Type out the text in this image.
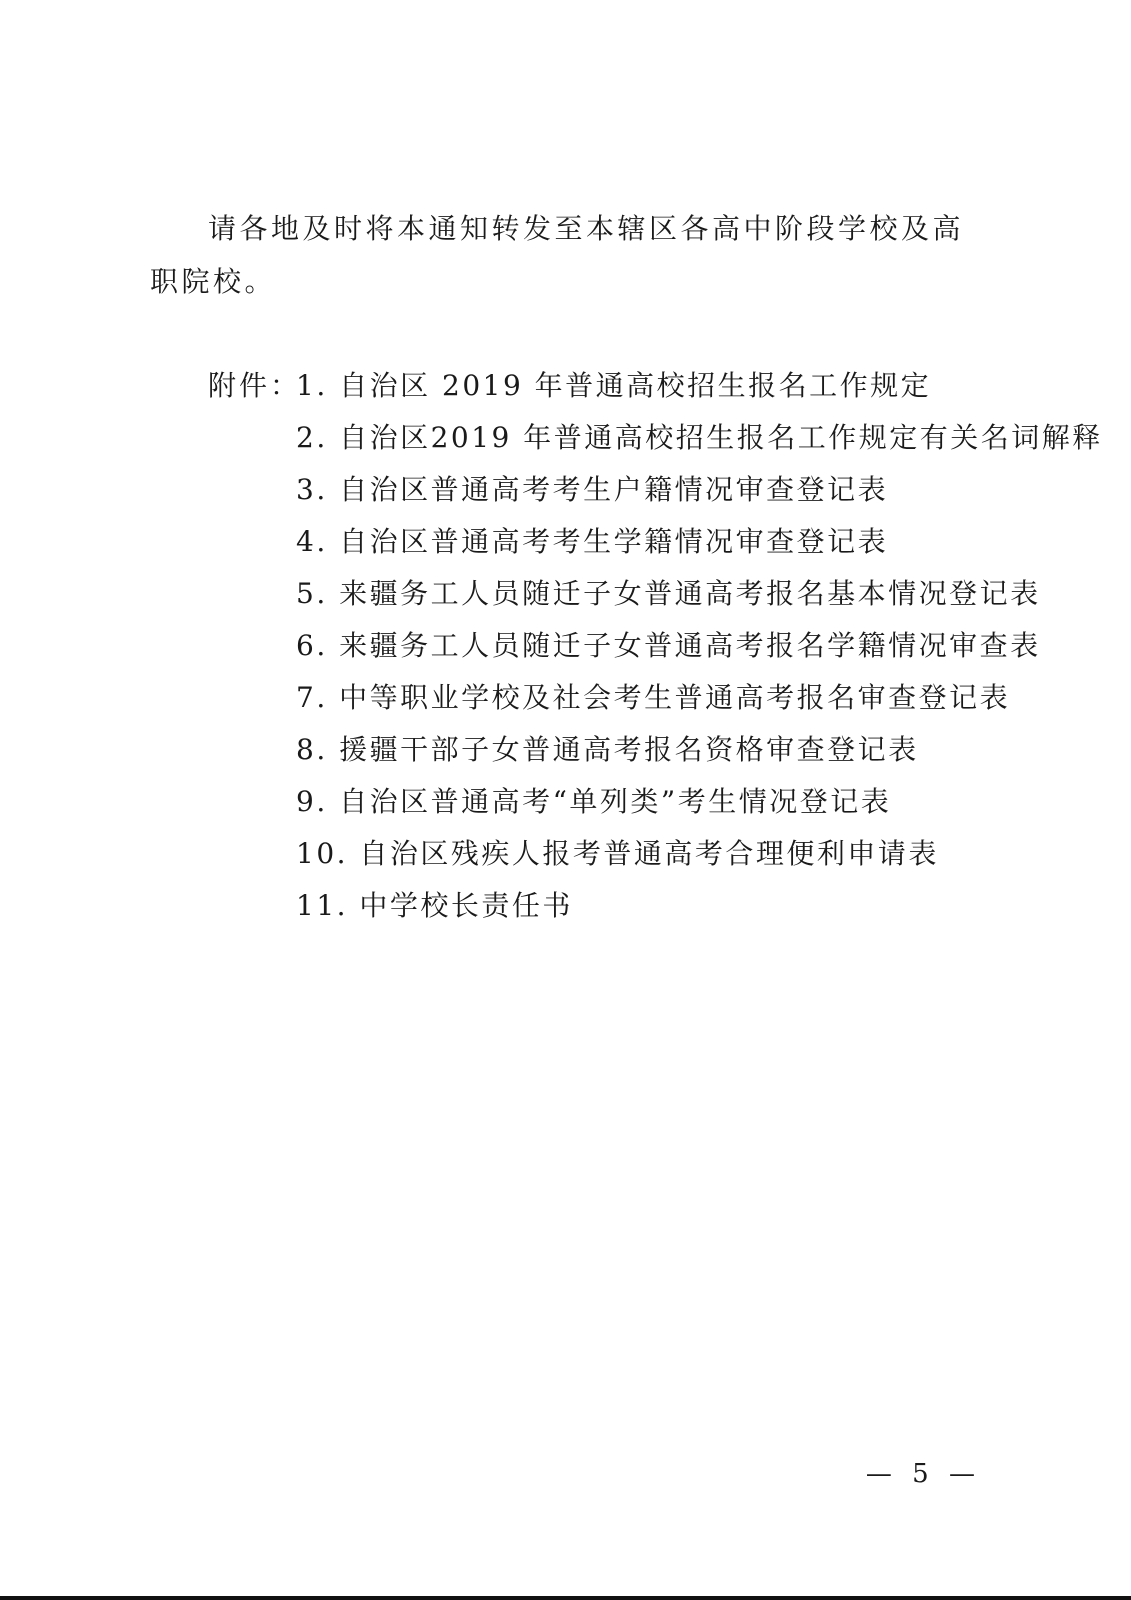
请各地及时将本通知转发至本辖区各高中阶段学校及高职院校。

附件：
1. 自治区 2019 年普通高校招生报名工作规定
2. 自治区2019 年普通高校招生报名工作规定有关名词解释
3. 自治区普通高考考生户籍情况审查登记表
4. 自治区普通高考考生学籍情况审查登记表
5. 来疆务工人员随迁子女普通高考报名基本情况登记表
6. 来疆务工人员随迁子女普通高考报名学籍情况审查表
7. 中等职业学校及社会考生普通高考报名审查登记表
8. 援疆干部子女普通高考报名资格审查登记表
9. 自治区普通高考“单列类”考生情况登记表
10. 自治区残疾人报考普通高考合理便利申请表
11. 中学校长责任书
— 5 —
